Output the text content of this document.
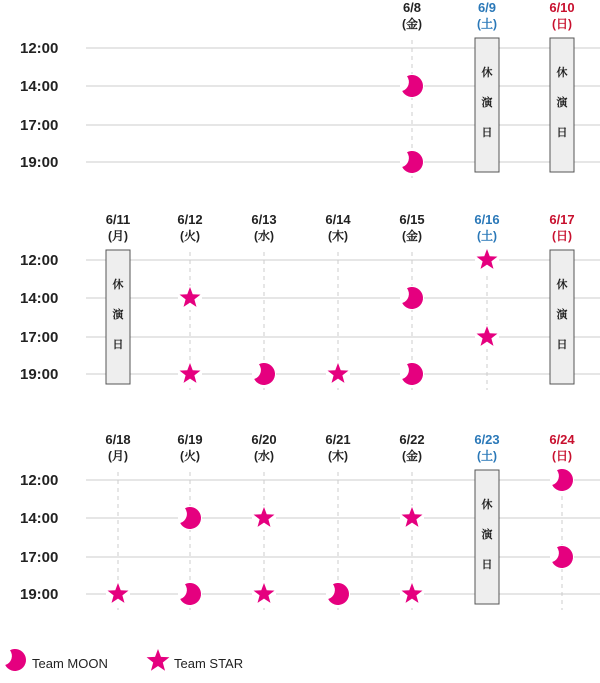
12:00
14:00
17:00
19:00
6/8
(金)
6/9
(土)
休
演
日
6/10
(日)
休
演
日
12:00
14:00
17:00
19:00
6/11
(月)
休
演
日
6/12
(火)
6/13
(水)
6/14
(木)
6/15
(金)
6/16
(土)
6/17
(日)
休
演
日
12:00
14:00
17:00
19:00
6/18
(月)
6/19
(火)
6/20
(水)
6/21
(木)
6/22
(金)
6/23
(土)
休
演
日
6/24
(日)
Team MOON	Team STAR
